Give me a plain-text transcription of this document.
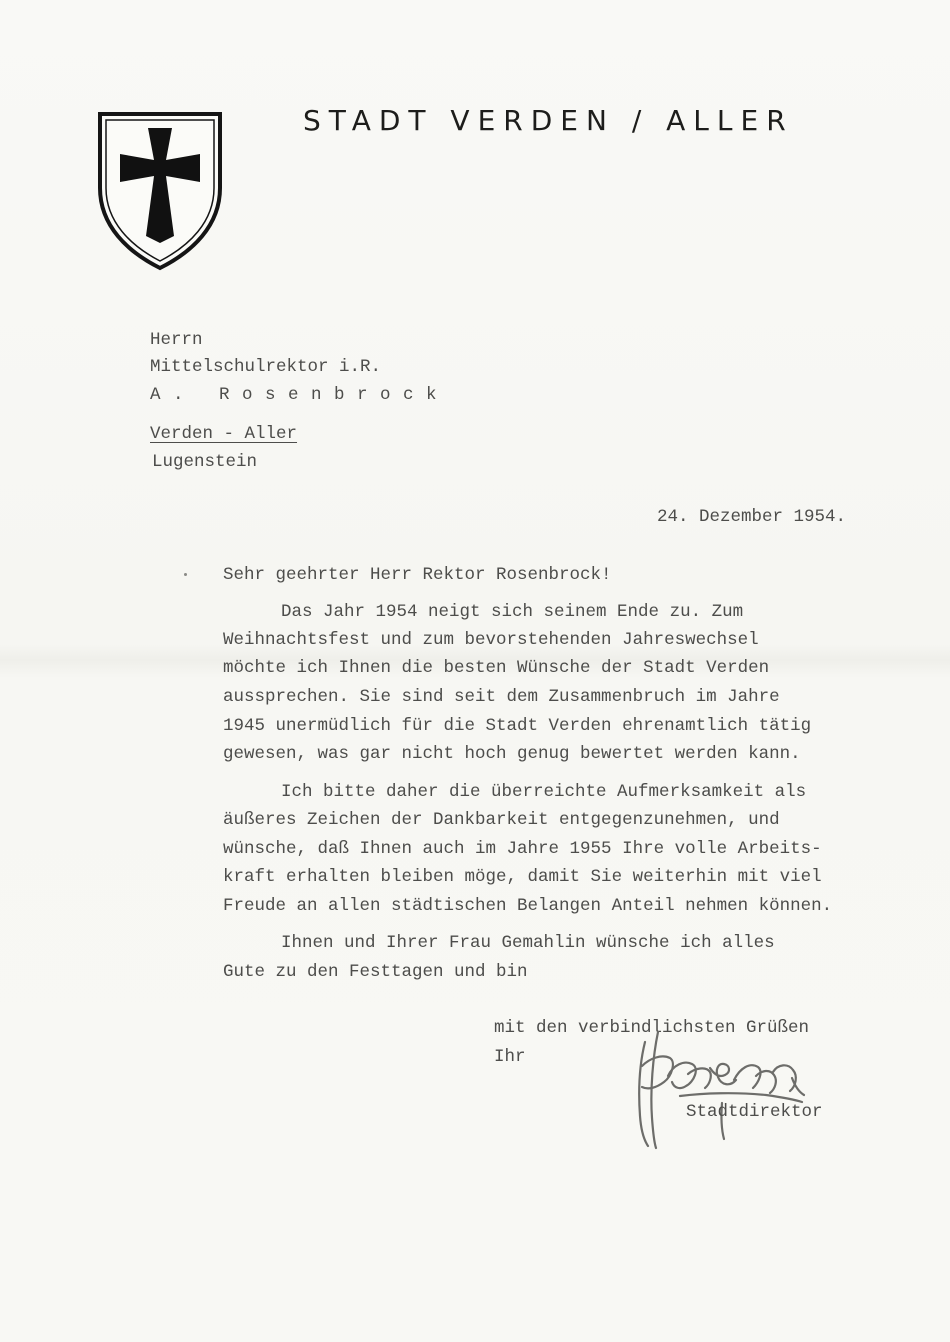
STADT VERDEN / ALLER
Herrn
Mittelschulrektor i.R.
A. Rosenbrock
Verden - Aller
Lugenstein
24. Dezember 1954.
Sehr geehrter Herr Rektor Rosenbrock!
Das Jahr 1954 neigt sich seinem Ende zu. Zum
Weihnachtsfest und zum bevorstehenden Jahreswechsel
möchte ich Ihnen die besten Wünsche der Stadt Verden
aussprechen. Sie sind seit dem Zusammenbruch im Jahre
1945 unermüdlich für die Stadt Verden ehrenamtlich tätig
gewesen, was gar nicht hoch genug bewertet werden kann.
Ich bitte daher die überreichte Aufmerksamkeit als
äußeres Zeichen der Dankbarkeit entgegenzunehmen, und
wünsche, daß Ihnen auch im Jahre 1955 Ihre volle Arbeits-
kraft erhalten bleiben möge, damit Sie weiterhin mit viel
Freude an allen städtischen Belangen Anteil nehmen können.
Ihnen und Ihrer Frau Gemahlin wünsche ich alles
Gute zu den Festtagen und bin
mit den verbindlichsten Grüßen
Ihr
Stadtdirektor
